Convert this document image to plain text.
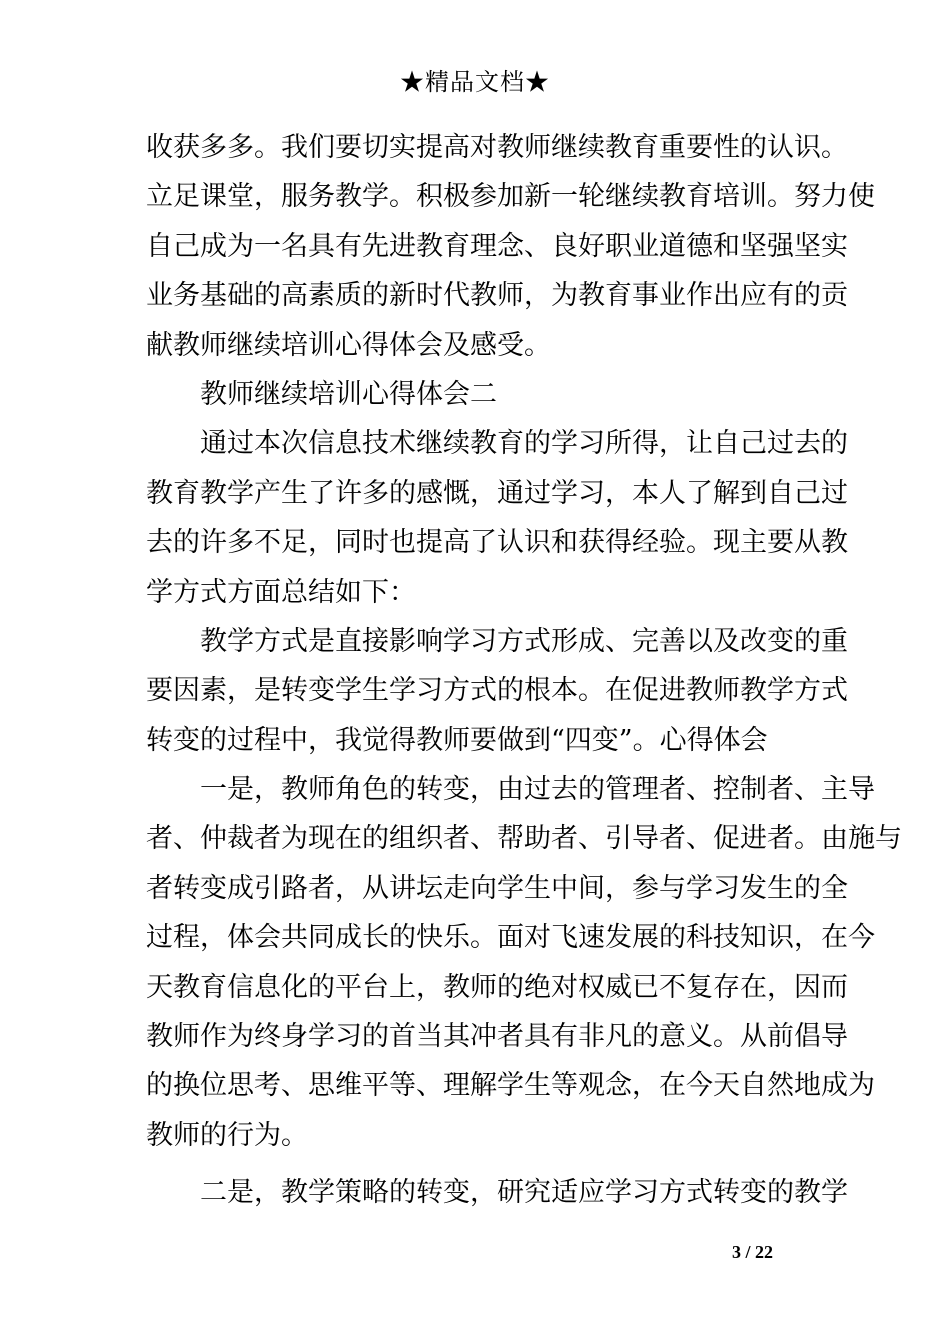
★精品文档★
收获多多。我们要切实提高对教师继续教育重要性的认识。
立足课堂，服务教学。积极参加新一轮继续教育培训。努力使
自己成为一名具有先进教育理念、良好职业道德和坚强坚实
业务基础的高素质的新时代教师，为教育事业作出应有的贡
献教师继续培训心得体会及感受。
教师继续培训心得体会二
通过本次信息技术继续教育的学习所得，让自己过去的
教育教学产生了许多的感慨，通过学习，本人了解到自己过
去的许多不足，同时也提高了认识和获得经验。现主要从教
学方式方面总结如下：
教学方式是直接影响学习方式形成、完善以及改变的重
要因素，是转变学生学习方式的根本。在促进教师教学方式
转变的过程中，我觉得教师要做到“四变”。心得体会
一是，教师角色的转变，由过去的管理者、控制者、主导
者、仲裁者为现在的组织者、帮助者、引导者、促进者。由施与
者转变成引路者，从讲坛走向学生中间，参与学习发生的全
过程，体会共同成长的快乐。面对飞速发展的科技知识，在今
天教育信息化的平台上，教师的绝对权威已不复存在，因而
教师作为终身学习的首当其冲者具有非凡的意义。从前倡导
的换位思考、思维平等、理解学生等观念，在今天自然地成为
教师的行为。
二是，教学策略的转变，研究适应学习方式转变的教学
3 / 22
